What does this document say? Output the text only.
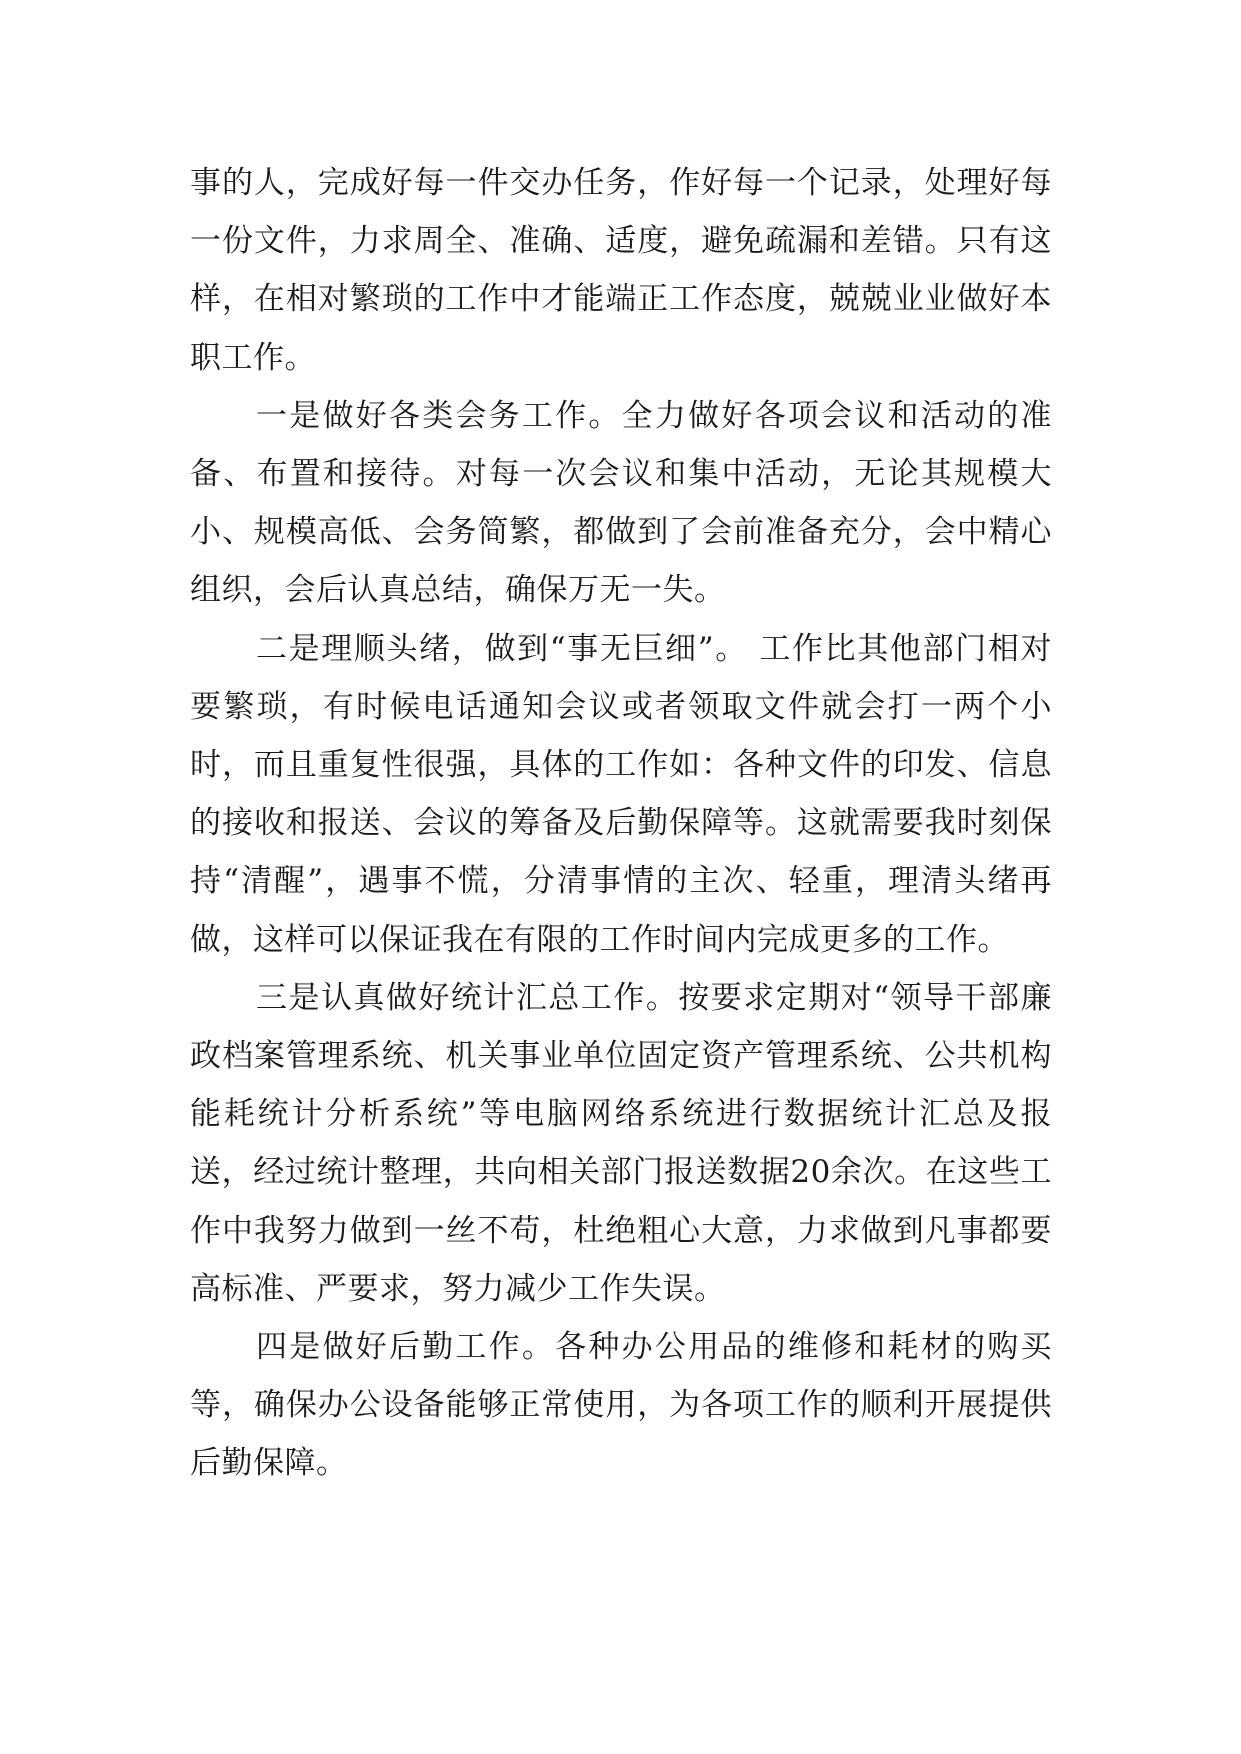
事的人，完成好每一件交办任务，作好每一个记录，处理好每一份文件，力求周全、准确、适度，避免疏漏和差错。只有这样，在相对繁琐的工作中才能端正工作态度，兢兢业业做好本职工作。

一是做好各类会务工作。全力做好各项会议和活动的准备、布置和接待。对每一次会议和集中活动，无论其规模大小、规模高低、会务简繁，都做到了会前准备充分，会中精心组织，会后认真总结，确保万无一失。

二是理顺头绪，做到“事无巨细”。 工作比其他部门相对要繁琐，有时候电话通知会议或者领取文件就会打一两个小时，而且重复性很强，具体的工作如：各种文件的印发、信息的接收和报送、会议的筹备及后勤保障等。这就需要我时刻保持“清醒”，遇事不慌，分清事情的主次、轻重，理清头绪再做，这样可以保证我在有限的工作时间内完成更多的工作。

三是认真做好统计汇总工作。按要求定期对“领导干部廉政档案管理系统、机关事业单位固定资产管理系统、公共机构能耗统计分析系统”等电脑网络系统进行数据统计汇总及报送，经过统计整理，共向相关部门报送数据20余次。在这些工作中我努力做到一丝不苟，杜绝粗心大意，力求做到凡事都要高标准、严要求，努力减少工作失误。

四是做好后勤工作。各种办公用品的维修和耗材的购买等，确保办公设备能够正常使用，为各项工作的顺利开展提供后勤保障。
